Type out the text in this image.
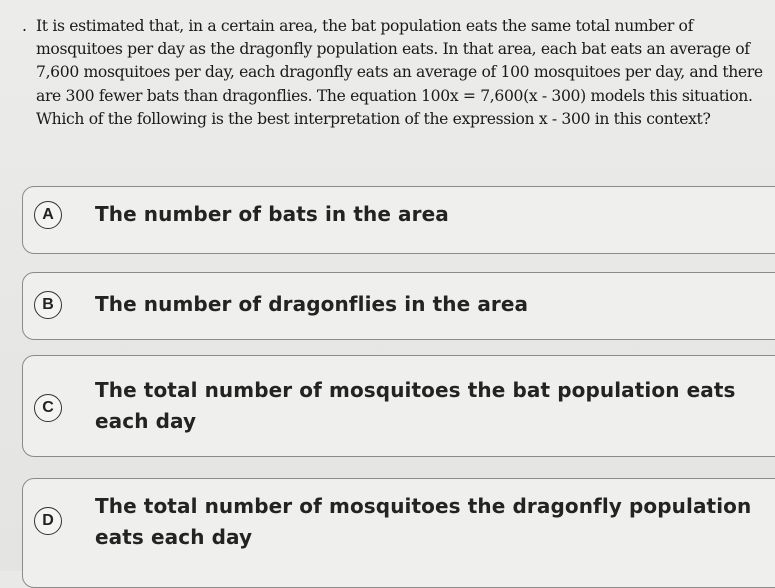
. It is estimated that, in a certain area, the bat population eats the same total number of mosquitoes per day as the dragonfly population eats. In that area, each bat eats an average of 7,600 mosquitoes per day, each dragonfly eats an average of 100 mosquitoes per day, and there are 300 fewer bats than dragonflies. The equation 100x = 7,600(x - 300) models this situation. Which of the following is the best interpretation of the expression x - 300 in this context?

A	The number of bats in the area
B	The number of dragonflies in the area
C
The total number of mosquitoes the bat population eats each day
D
The total number of mosquitoes the dragonfly population eats each day
